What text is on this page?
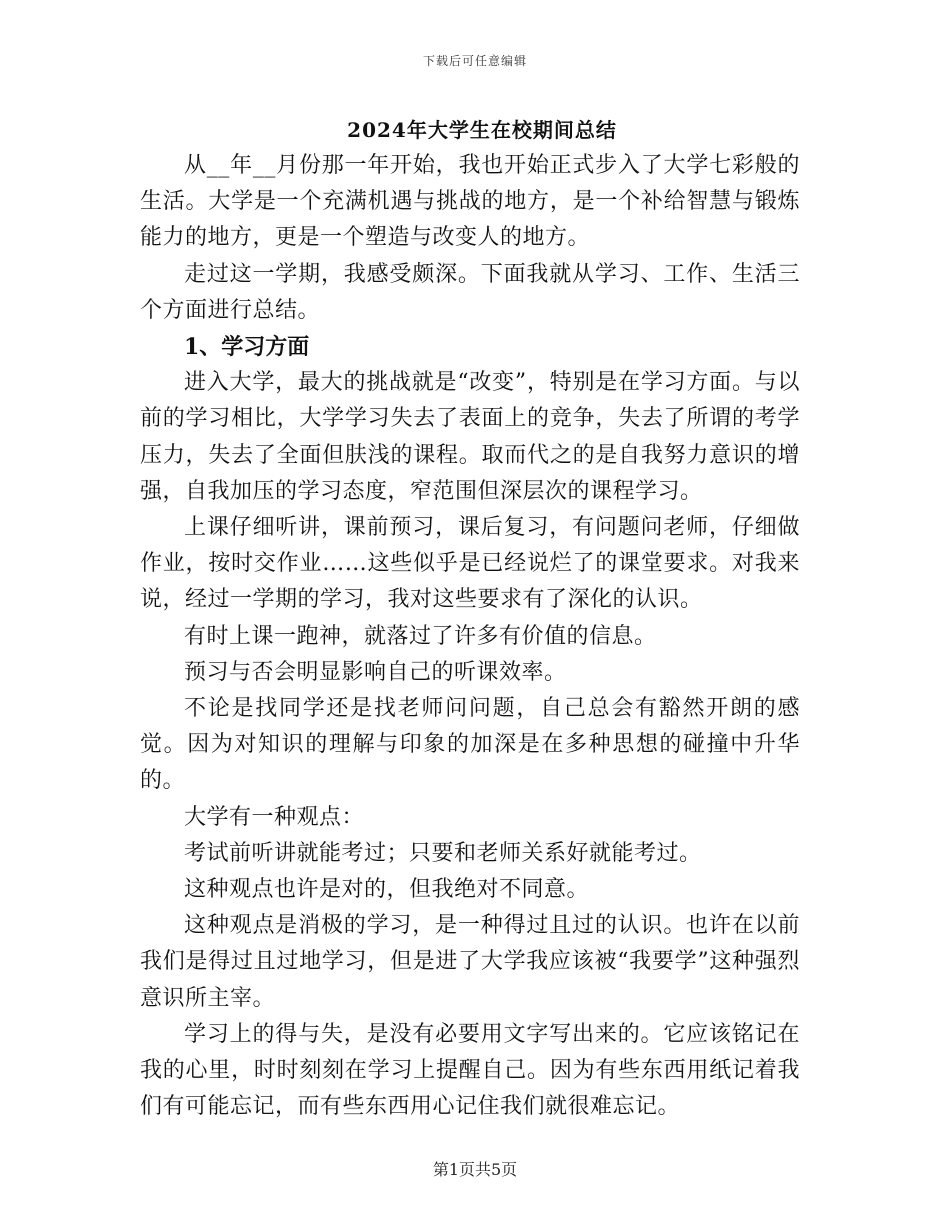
下载后可任意编辑
2024年大学生在校期间总结

从__年__月份那一年开始，我也开始正式步入了大学七彩般的生活。大学是一个充满机遇与挑战的地方，是一个补给智慧与锻炼能力的地方，更是一个塑造与改变人的地方。

走过这一学期，我感受颇深。下面我就从学习、工作、生活三个方面进行总结。

1、学习方面

进入大学，最大的挑战就是“改变”，特别是在学习方面。与以前的学习相比，大学学习失去了表面上的竞争，失去了所谓的考学压力，失去了全面但肤浅的课程。取而代之的是自我努力意识的增强，自我加压的学习态度，窄范围但深层次的课程学习。

上课仔细听讲，课前预习，课后复习，有问题问老师，仔细做作业，按时交作业……这些似乎是已经说烂了的课堂要求。对我来说，经过一学期的学习，我对这些要求有了深化的认识。

有时上课一跑神，就落过了许多有价值的信息。

预习与否会明显影响自己的听课效率。

不论是找同学还是找老师问问题，自己总会有豁然开朗的感觉。因为对知识的理解与印象的加深是在多种思想的碰撞中升华的。

大学有一种观点：

考试前听讲就能考过；只要和老师关系好就能考过。

这种观点也许是对的，但我绝对不同意。

这种观点是消极的学习，是一种得过且过的认识。也许在以前我们是得过且过地学习，但是进了大学我应该被“我要学”这种强烈意识所主宰。

学习上的得与失，是没有必要用文字写出来的。它应该铭记在我的心里，时时刻刻在学习上提醒自己。因为有些东西用纸记着我们有可能忘记，而有些东西用心记住我们就很难忘记。

第1页共5页
